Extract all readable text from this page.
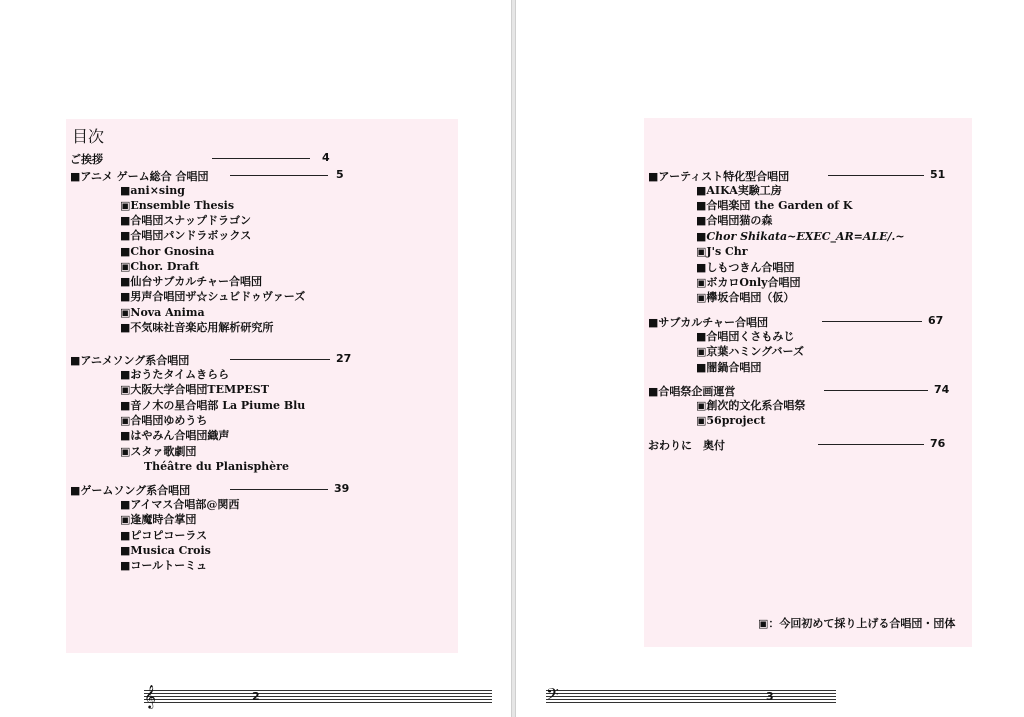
目次
ご挨拶	4
■アニメ ゲーム総合 合唱団	5
■ani×sing
▣Ensemble Thesis
■合唱団スナップドラゴン
■合唱団パンドラボックス
■Chor Gnosina
▣Chor. Draft
■仙台サブカルチャー合唱団
■男声合唱団ザ☆シュビドゥヴァーズ
▣Nova Anima
■不気味社音楽応用解析研究所
■アニメソング系合唱団	27
■おうたタイムきらら
▣大阪大学合唱団TEMPEST
■音ノ木の星合唱部 La Piume Blu
▣合唱団ゆめうち
■はやみん合唱団織声
▣スタァ歌劇団
Théâtre du Planisphère
■ゲームソング系合唱団	39
■アイマス合唱部@関西
▣逢魔時合掌団
■ピコピコーラス
■Musica Crois
■コールトーミュ
𝄞	2
■アーティスト特化型合唱団	51
■AIKA実験工房
■合唱楽団 the Garden of K
■合唱団猫の森
■Chor Shikata~EXEC_AR=ALE/.~
▣J's Chr
■しもつきん合唱団
▣ボカロOnly合唱団
▣欅坂合唱団（仮）
■サブカルチャー合唱団	67
■合唱団くさもみじ
▣京葉ハミングバーズ
■闇鍋合唱団
■合唱祭企画運営	74
▣創次的文化系合唱祭
▣56project
おわりに　奥付	76
▣：今回初めて採り上げる合唱団・団体
𝄢	3
